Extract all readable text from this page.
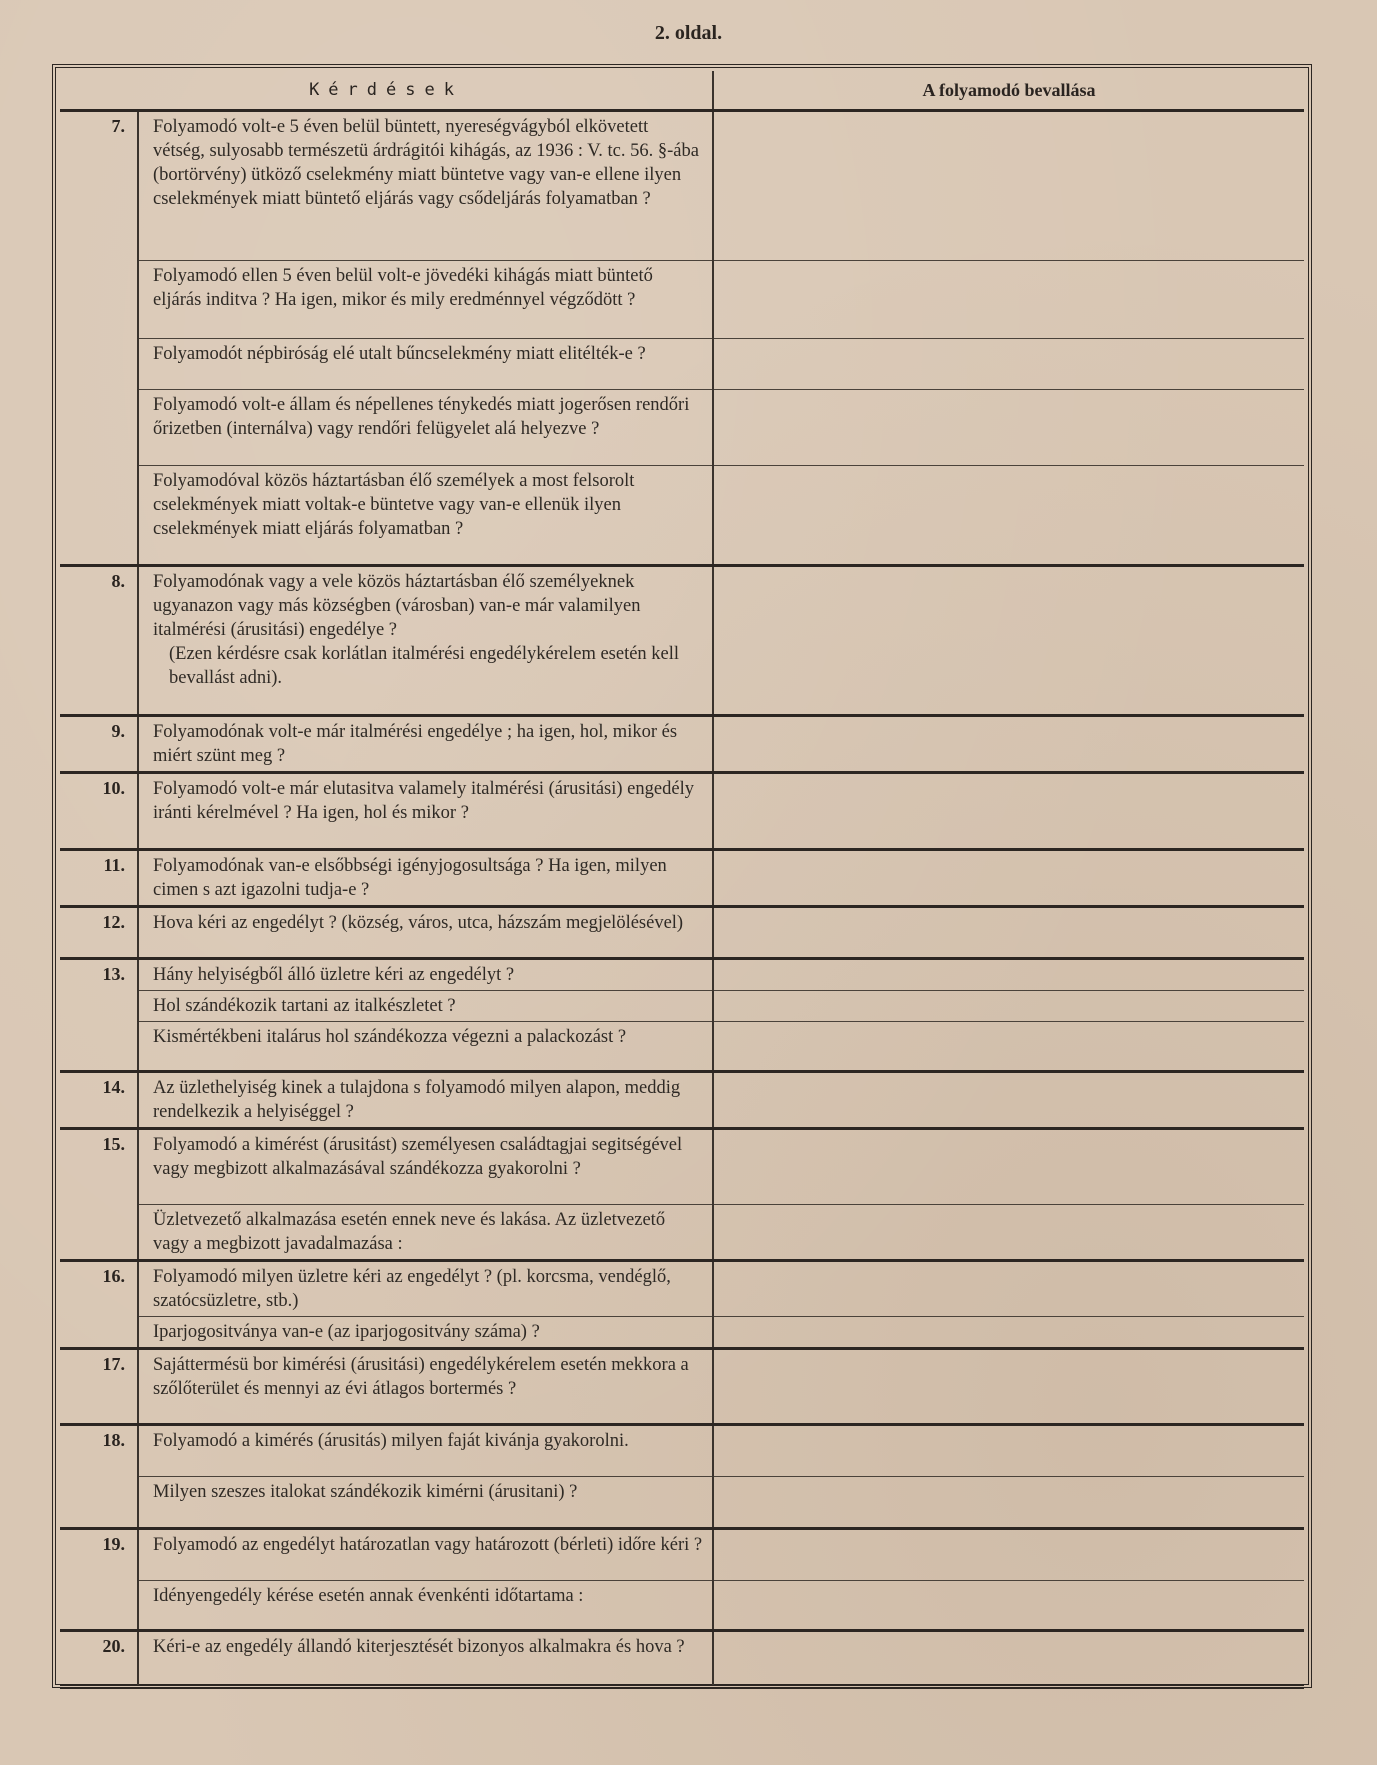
2. oldal.
Kérdések		A folyamodó bevallása
7.	Folyamodó volt-e 5 éven belül büntett, nyereségvágyból elkövetett vétség, sulyosabb természetü árdrágitói kihágás, az 1936 : V. tc. 56. §-ába (bortörvény) ütköző cselekmény miatt büntetve vagy van-e ellene ilyen cselekmények miatt büntető eljárás vagy csődeljárás folyamatban ?	
	Folyamodó ellen 5 éven belül volt-e jövedéki kihágás miatt büntető eljárás inditva ? Ha igen, mikor és mily eredménnyel végződött ?	
	Folyamodót népbiróság elé utalt bűncselekmény miatt elitélték-e ?	
	Folyamodó volt-e állam és népellenes ténykedés miatt jogerősen rendőri őrizetben (internálva) vagy rendőri felügyelet alá helyezve ?	
	Folyamodóval közös háztartásban élő személyek a most felsorolt cselekmények miatt voltak-e büntetve vagy van-e ellenük ilyen cselekmények miatt eljárás folyamatban ?	
8.	Folyamodónak vagy a vele közös háztartásban élő személyeknek ugyanazon vagy más községben (városban) van-e már valamilyen italmérési (árusitási) engedélye ?
(Ezen kérdésre csak korlátlan italmérési engedélykérelem esetén kell bevallást adni).	

9.	Folyamodónak volt-e már italmérési engedélye ; ha igen, hol, mikor és miért szünt meg ?	
10.	Folyamodó volt-e már elutasitva valamely italmérési (árusitási) engedély iránti kérelmével ? Ha igen, hol és mikor ?	
11.	Folyamodónak van-e elsőbbségi igényjogosultsága ? Ha igen, milyen cimen s azt igazolni tudja-e ?	
12.	Hova kéri az engedélyt ? (község, város, utca, házszám megjelölésével)	
13.	Hány helyiségből álló üzletre kéri az engedélyt ?	
	Hol szándékozik tartani az italkészletet ?	
	Kismértékbeni italárus hol szándékozza végezni a palackozást ?	
14.	Az üzlethelyiség kinek a tulajdona s folyamodó milyen alapon, meddig rendelkezik a helyiséggel ?	
15.	Folyamodó a kimérést (árusitást) személyesen családtagjai segitségével vagy megbizott alkalmazásával szándékozza gyakorolni ?	
	Üzletvezető alkalmazása esetén ennek neve és lakása. Az üzletvezető vagy a megbizott javadalmazása :	
16.	Folyamodó milyen üzletre kéri az engedélyt ? (pl. korcsma, vendéglő, szatócsüzletre, stb.)	
	Iparjogositványa van-e (az iparjogositvány száma) ?	
17.	Sajáttermésü bor kimérési (árusitási) engedélykérelem esetén mekkora a szőlőterület és mennyi az évi átlagos bortermés ?	
18.	Folyamodó a kimérés (árusitás) milyen faját kivánja gyakorolni.	
	Milyen szeszes italokat szándékozik kimérni (árusitani) ?	
19.	Folyamodó az engedélyt határozatlan vagy határozott (bérleti) időre kéri ?	
	Idényengedély kérése esetén annak évenkénti időtartama :	
20.	Kéri-e az engedély állandó kiterjesztését bizonyos alkalmakra és hova ?	
